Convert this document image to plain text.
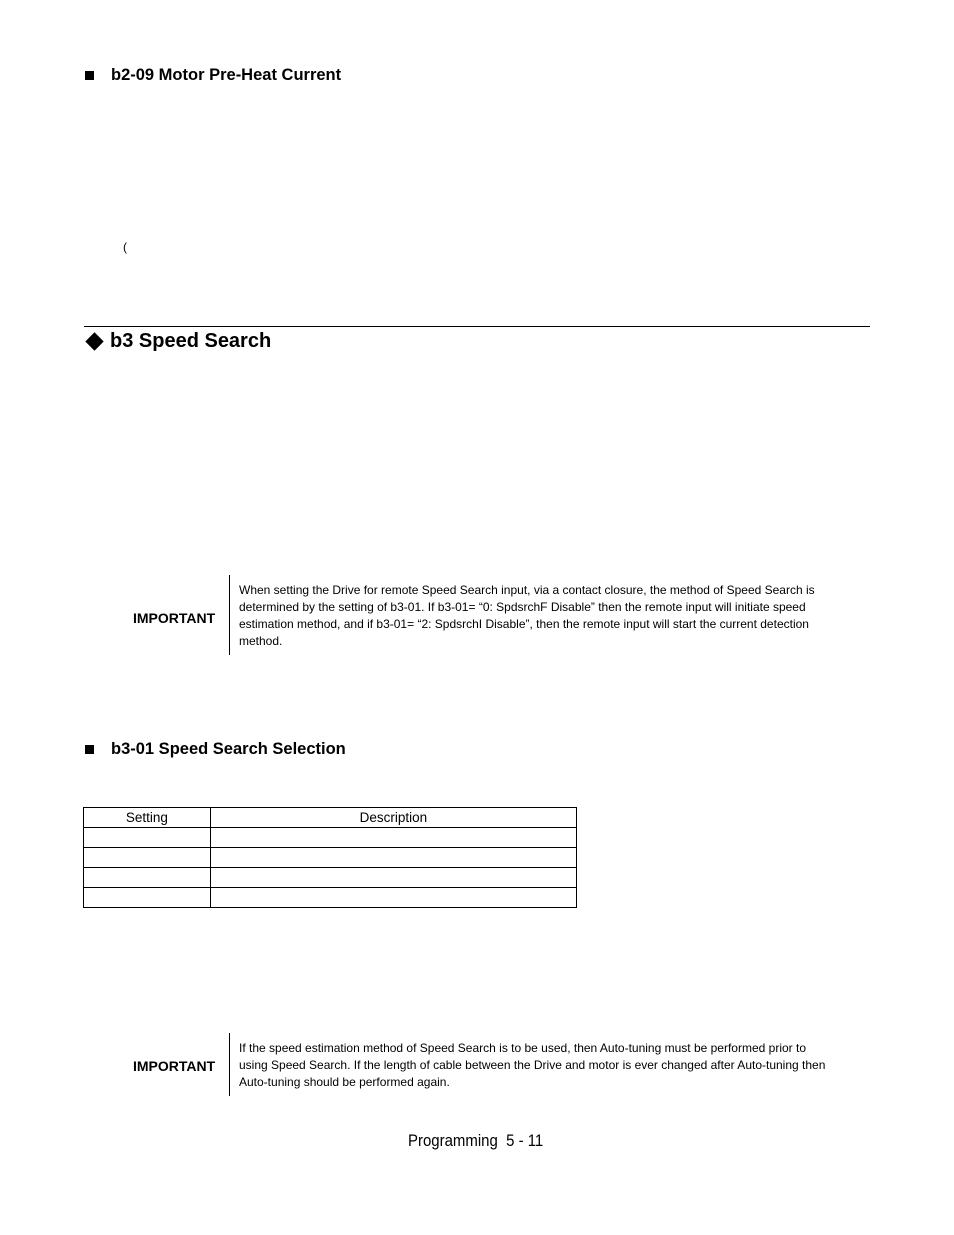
b2-09 Motor Pre-Heat Current
(
b3 Speed Search
IMPORTANT
When setting the Drive for remote Speed Search input, via a contact closure, the method of Speed Search is determined by the setting of b3-01. If b3-01= “0: SpdsrchF Disable” then the remote input will initiate speed estimation method, and if b3-01= “2: SpdsrchI Disable”, then the remote input will start the current detection method.
b3-01 Speed Search Selection
Setting	Description

IMPORTANT
If the speed estimation method of Speed Search is to be used, then Auto-tuning must be performed prior to using Speed Search. If the length of cable between the Drive and motor is ever changed after Auto-tuning then Auto-tuning should be performed again.
Programming  5 - 11
